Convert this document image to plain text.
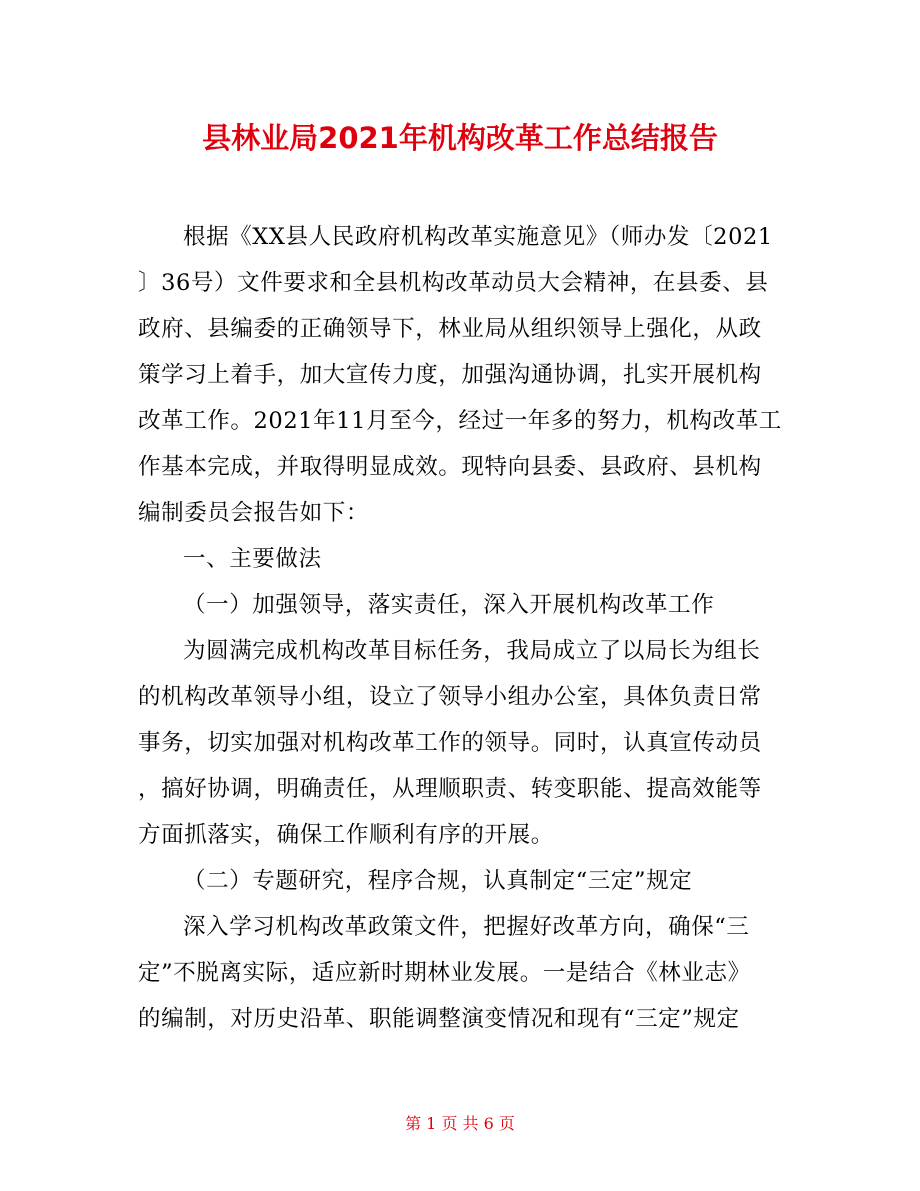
县林业局2021年机构改革工作总结报告
根据《XX县人民政府机构改革实施意见》（师办发〔2021
〕36号）文件要求和全县机构改革动员大会精神，在县委、县
政府、县编委的正确领导下，林业局从组织领导上强化，从政
策学习上着手，加大宣传力度，加强沟通协调，扎实开展机构
改革工作。2021年11月至今，经过一年多的努力，机构改革工
作基本完成，并取得明显成效。现特向县委、县政府、县机构
编制委员会报告如下：
一、主要做法
（一）加强领导，落实责任，深入开展机构改革工作
为圆满完成机构改革目标任务，我局成立了以局长为组长
的机构改革领导小组，设立了领导小组办公室，具体负责日常
事务，切实加强对机构改革工作的领导。同时，认真宣传动员
，搞好协调，明确责任，从理顺职责、转变职能、提高效能等
方面抓落实，确保工作顺利有序的开展。
（二）专题研究，程序合规，认真制定“三定”规定
深入学习机构改革政策文件，把握好改革方向，确保“三
定”不脱离实际，适应新时期林业发展。一是结合《林业志》
的编制，对历史沿革、职能调整演变情况和现有“三定”规定
第 1 页 共 6 页
